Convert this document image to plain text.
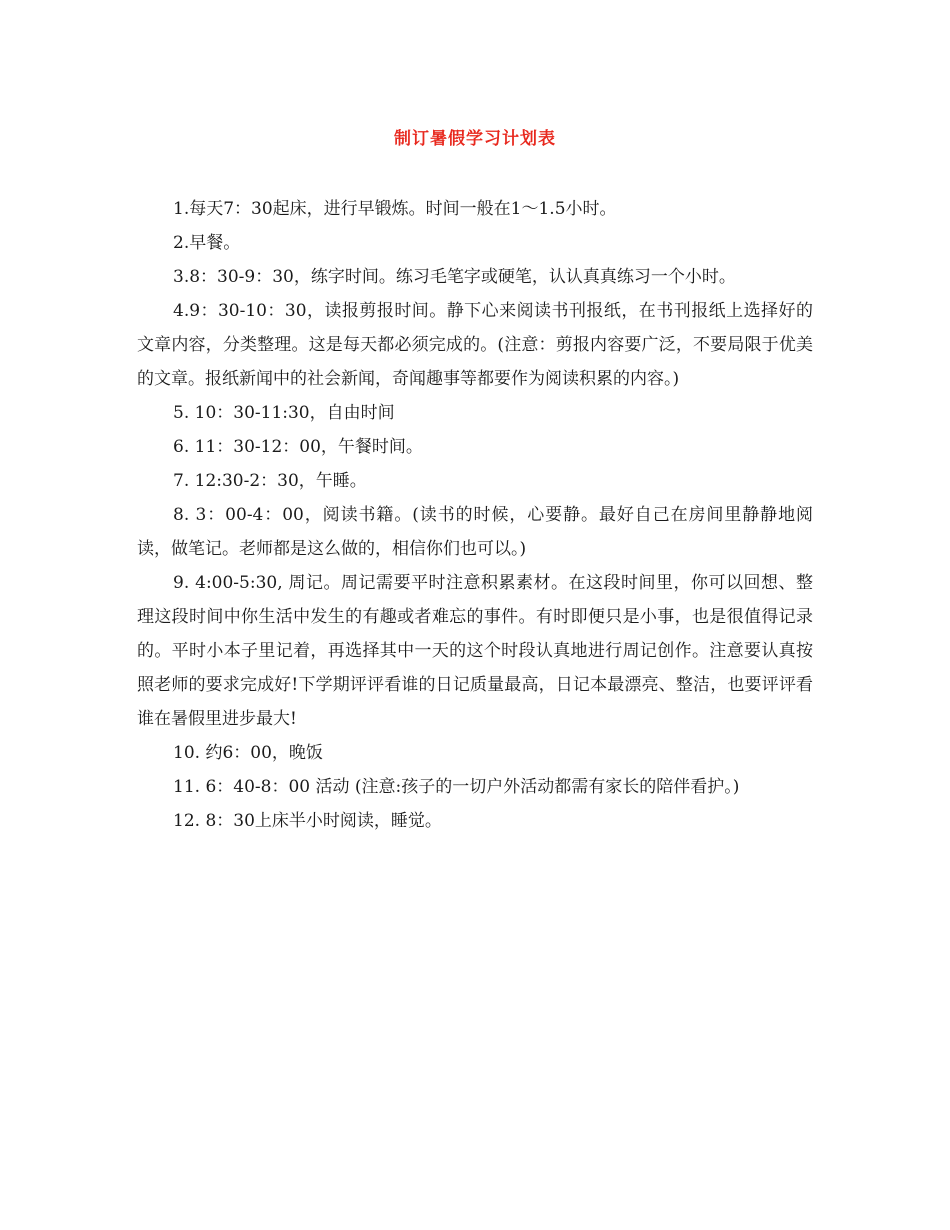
制订暑假学习计划表
1.每天7：30起床，进行早锻炼。时间一般在1～1.5小时。
2.早餐。
3.8：30-9：30，练字时间。练习毛笔字或硬笔，认认真真练习一个小时。
4.9：30-10：30，读报剪报时间。静下心来阅读书刊报纸，在书刊报纸上选择好的文章内容，分类整理。这是每天都必须完成的。(注意：剪报内容要广泛，不要局限于优美的文章。报纸新闻中的社会新闻，奇闻趣事等都要作为阅读积累的内容。)
5. 10：30-11:30，自由时间
6. 11：30-12：00，午餐时间。
7. 12:30-2：30，午睡。
8. 3：00-4：00，阅读书籍。(读书的时候，心要静。最好自己在房间里静静地阅读，做笔记。老师都是这么做的，相信你们也可以。)
9. 4:00-5:30, 周记。周记需要平时注意积累素材。在这段时间里，你可以回想、整理这段时间中你生活中发生的有趣或者难忘的事件。有时即便只是小事，也是很值得记录的。平时小本子里记着，再选择其中一天的这个时段认真地进行周记创作。注意要认真按照老师的要求完成好!下学期评评看谁的日记质量最高，日记本最漂亮、整洁，也要评评看谁在暑假里进步最大!
10. 约6：00，晚饭
11. 6：40-8：00 活动 (注意:孩子的一切户外活动都需有家长的陪伴看护。)
12. 8：30上床半小时阅读，睡觉。
